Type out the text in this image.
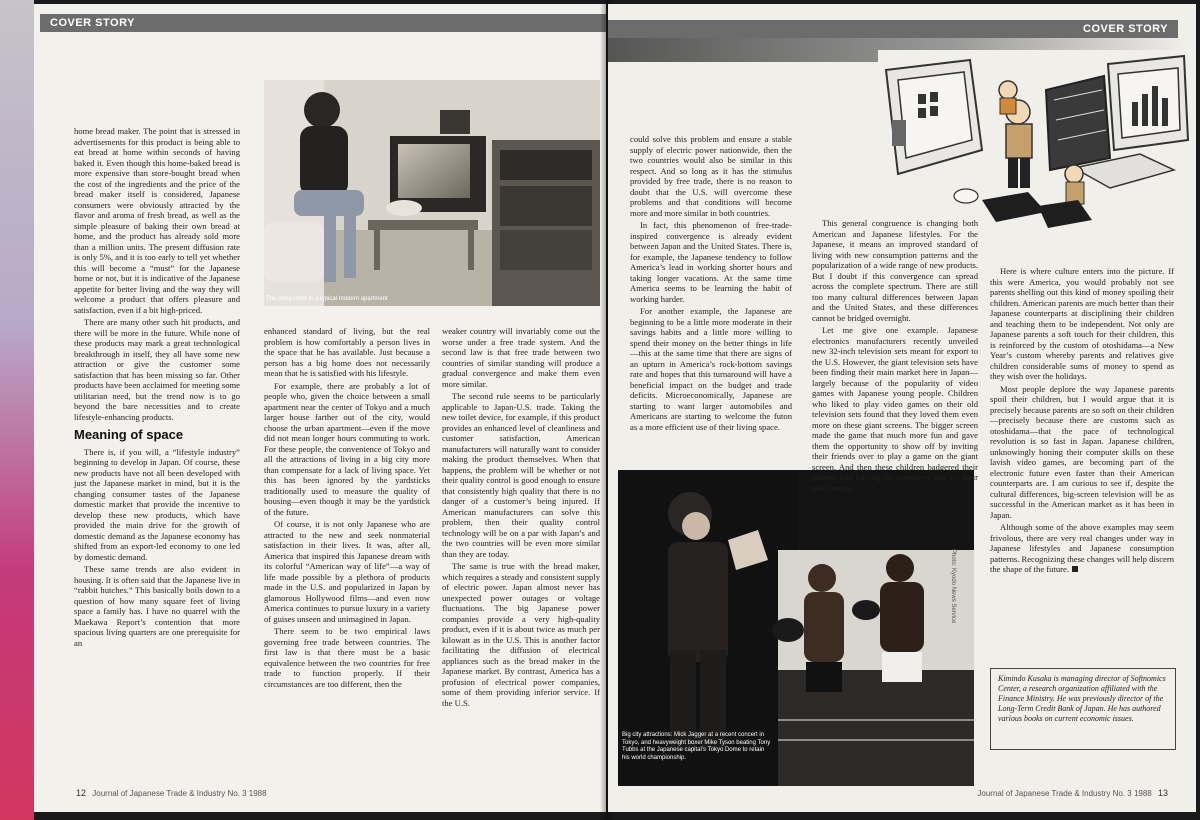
COVER STORY
The living room in a typical modern apartment

home bread maker. The point that is stressed in advertisements for this product is being able to eat bread at home within seconds of having baked it. Even though this home-baked bread is more expensive than store-bought bread when the cost of the ingredients and the price of the bread maker itself is considered, Japanese consumers were obviously attracted by the flavor and aroma of fresh bread, as well as the simple pleasure of baking their own bread at home, and the product has already sold more than a million units. The present diffusion rate is only 5%, and it is too early to tell yet whether this will become a “must” for the Japanese home or not, but it is indicative of the Japanese appetite for better living and the way they will welcome a product that offers pleasure and satisfaction, even if a bit high-priced.

There are many other such hit products, and there will be more in the future. While none of these products may mark a great technological breakthrough in itself, they all have some new attraction or give the customer some satisfaction that has been missing so far. Other products have been acclaimed for meeting some utilitarian need, but the trend now is to go beyond the bare necessities and to create lifestyle-enhancing products.

Meaning of space

There is, if you will, a “lifestyle industry” beginning to develop in Japan. Of course, these new products have not all been developed with just the Japanese market in mind, but it is the changing consumer tastes of the Japanese domestic market that provide the incentive to develop these new products, which have provided the main drive for the growth of domestic demand as the Japanese economy has shifted from an export-led economy to one led by domestic demand.

These same trends are also evident in housing. It is often said that the Japanese live in “rabbit hutches.” This basically boils down to a question of how many square feet of living space a family has. I have no quarrel with the Maekawa Report’s contention that more spacious living quarters are one prerequisite for an

enhanced standard of living, but the real problem is how comfortably a person lives in the space that he has available. Just because a person has a big home does not necessarily mean that he is satisfied with his lifestyle.

For example, there are probably a lot of people who, given the choice between a small apartment near the center of Tokyo and a much larger house farther out of the city, would choose the urban apartment—even if the move did not mean longer hours commuting to work. For these people, the convenience of Tokyo and all the attractions of living in a big city more than compensate for a lack of living space. Yet this has been ignored by the yardsticks traditionally used to measure the quality of housing—even though it may be the yardstick of the future.

Of course, it is not only Japanese who are attracted to the new and seek nonmaterial satisfaction in their lives. It was, after all, America that inspired this Japanese dream with its colorful “American way of life”—a way of life made possible by a plethora of products made in the U.S. and popularized in Japan by glamorous Hollywood films—and even now America continues to pursue luxury in a variety of guises unseen and unimagined in Japan.

There seem to be two empirical laws governing free trade between countries. The first law is that there must be a basic equivalence between the two countries for free trade to function properly. If their circumstances are too different, then the

weaker country will invariably come out the worse under a free trade system. And the second law is that free trade between two countries of similar standing will produce a gradual convergence and make them even more similar.

The second rule seems to be particularly applicable to Japan-U.S. trade. Taking the new toilet device, for example, if this product provides an enhanced level of cleanliness and customer satisfaction, American manufacturers will naturally want to consider making the product themselves. When that happens, the problem will be whether or not their quality control is good enough to ensure that consistently high quality that there is no danger of a customer’s being injured. If American manufacturers can solve this problem, then their quality control technology will be on a par with Japan’s and the two countries will be even more similar than they are today.

The same is true with the bread maker, which requires a steady and consistent supply of electric power. Japan almost never has unexpected power outages or voltage fluctuations. The big Japanese power companies provide a very high-quality product, even if it is about twice as much per kilowatt as in the U.S. This is another factor facilitating the diffusion of electrical appliances such as the bread maker in the Japanese market. By contrast, America has a profusion of electrical power companies, some of them providing inferior service. If the U.S.

12 Journal of Japanese Trade & Industry No. 3 1988
COVER STORY

could solve this problem and ensure a stable supply of electric power nationwide, then the two countries would also be similar in this respect. And so long as it has the stimulus provided by free trade, there is no reason to doubt that the U.S. will overcome these problems and that conditions will become more and more similar in both countries.

In fact, this phenomenon of free-trade-inspired convergence is already evident between Japan and the United States. There is, for example, the Japanese tendency to follow America’s lead in working shorter hours and taking longer vacations. At the same time America seems to be learning the habit of working harder.

For another example, the Japanese are beginning to be a little more moderate in their savings habits and a little more willing to spend their money on the better things in life—this at the same time that there are signs of an upturn in America’s rock-bottom savings rate and hopes that this turnaround will have a beneficial impact on the budget and trade deficits. Microeconomically, Japanese are starting to want larger automobiles and Americans are starting to welcome the futon as a more efficient use of their living space.

Big city attractions: Mick Jagger at a recent concert in Tokyo, and heavyweight boxer Mike Tyson beating Tony Tubbs at the Japanese capital’s Tokyo Dome to retain his world championship.
Photo: Kyodo News Service

This general congruence is changing both American and Japanese lifestyles. For the Japanese, it means an improved standard of living with new consumption patterns and the popularization of a wide range of new products. But I doubt if this convergence can spread across the complete spectrum. There are still too many cultural differences between Japan and the United States, and these differences cannot be bridged overnight.

Let me give one example. Japanese electronics manufacturers recently unveiled new 32-inch television sets meant for export to the U.S. However, the giant television sets have been finding their main market here in Japan—largely because of the popularity of video games with Japanese young people. Children who liked to play video games on their old television sets found that they loved them even more on these giant screens. The bigger screen made the game that much more fun and gave them the opportunity to show off by inviting their friends over to play a game on the giant screen. And then these children badgered their parents into buying the expensive sets for their own homes.

Here is where culture enters into the picture. If this were America, you would probably not see parents shelling out this kind of money spoiling their children. American parents are much better than their Japanese counterparts at disciplining their children and teaching them to be independent. Not only are Japanese parents a soft touch for their children, this is reinforced by the custom of otoshidama—a New Year’s custom whereby parents and relatives give children considerable sums of money to spend as they wish over the holidays.

Most people deplore the way Japanese parents spoil their children, but I would argue that it is precisely because parents are so soft on their children—precisely because there are customs such as otoshidama—that the pace of technological revolution is so fast in Japan. Japanese children, unknowingly honing their computer skills on these lavish video games, are becoming part of the electronic future even faster than their American counterparts are. I am curious to see if, despite the cultural differences, big-screen television will be as successful in the American market as it has been in Japan.

Although some of the above examples may seem frivolous, there are very real changes under way in Japanese lifestyles and Japanese consumption patterns. Recognizing these changes will help discern the shape of the future.

Kimindo Kusaka is managing director of Softnomics Center, a research organization affiliated with the Finance Ministry. He was previously director of the Long-Term Credit Bank of Japan. He has authored various books on current economic issues.
Journal of Japanese Trade & Industry No. 3 1988 13
